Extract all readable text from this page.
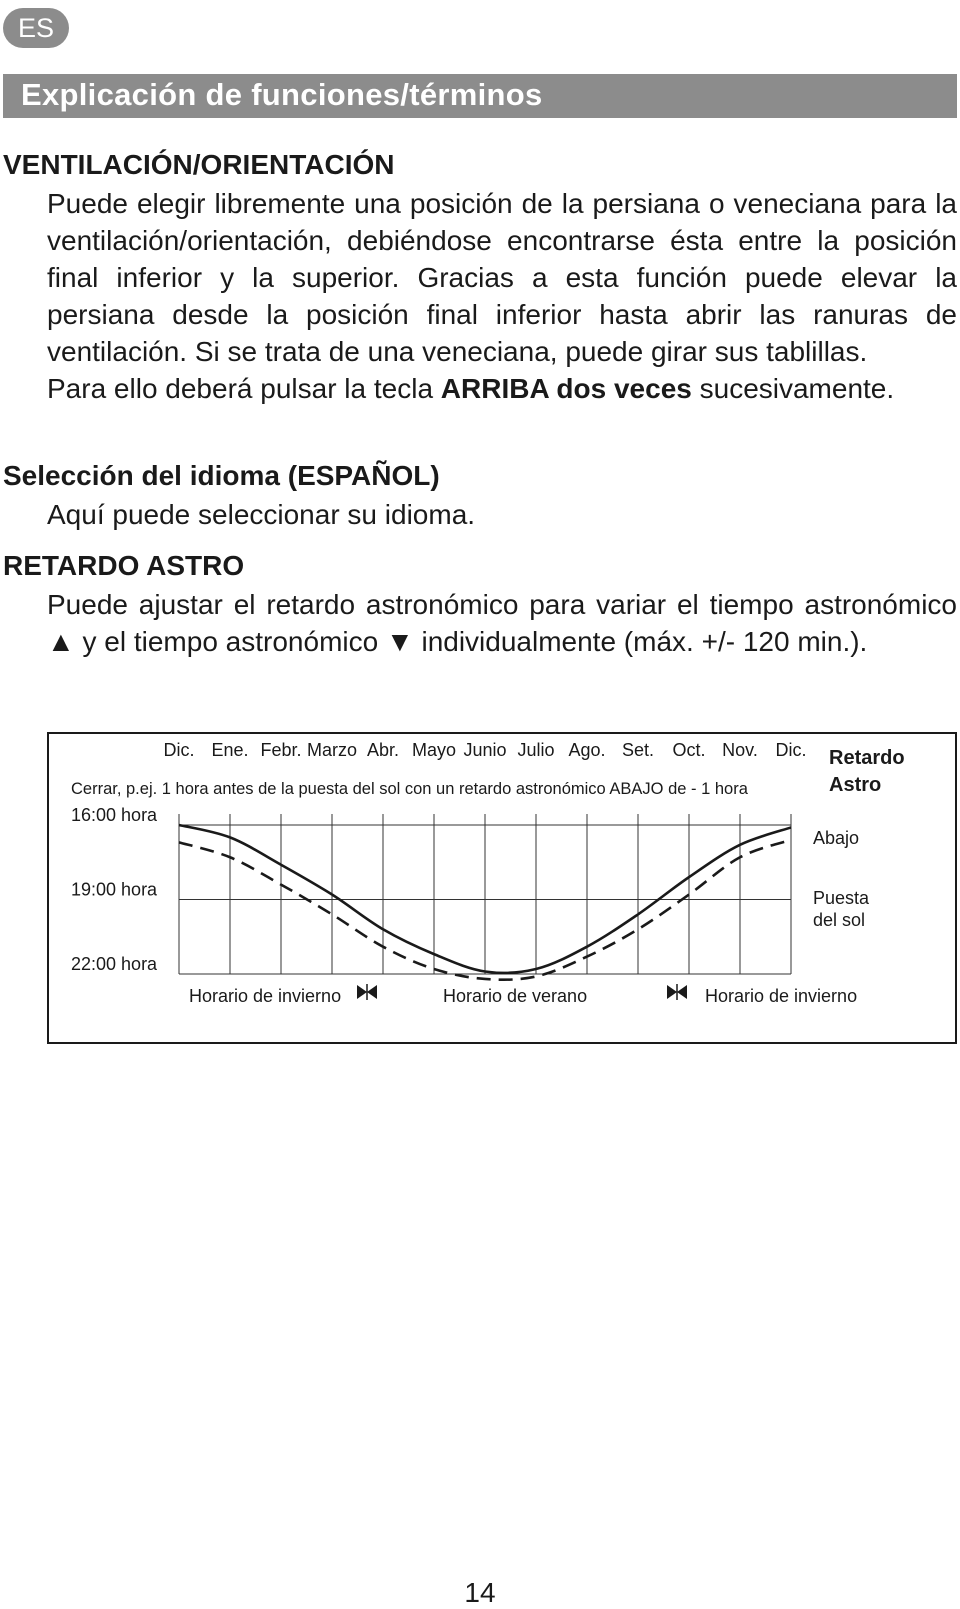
ES
Explicación de funciones/términos
VENTILACIÓN/ORIENTACIÓN

Puede elegir libremente una posición de la persiana o veneciana para la ventilación/orientación, debiéndose encontrarse ésta entre la posición final inferior y la superior. Gracias a esta función puede elevar la persiana desde la posición final inferior hasta abrir las ranuras de ventilación. Si se trata de una veneciana, puede girar sus tablillas.

Para ello deberá pulsar la tecla ARRIBA dos veces sucesivamente.

Selección del idioma (ESPAÑOL)

Aquí puede seleccionar su idioma.

RETARDO ASTRO

Puede ajustar el retardo astronómico para variar el tiempo astronómico ▲ y el tiempo astronómico ▼ individualmente (máx. +/- 120 min.).

Dic. Ene. Febr. Marzo Abr. Mayo Junio Julio Ago. Set. Oct. Nov. Dic.
Cerrar, p.ej. 1 hora antes de la puesta del sol con un retardo astronómico ABAJO de - 1 hora
16:00 hora
19:00 hora
22:00 hora
Retardo
Astro
Abajo
Puesta
del sol
Horario de invierno	Horario de verano	Horario de invierno
14
